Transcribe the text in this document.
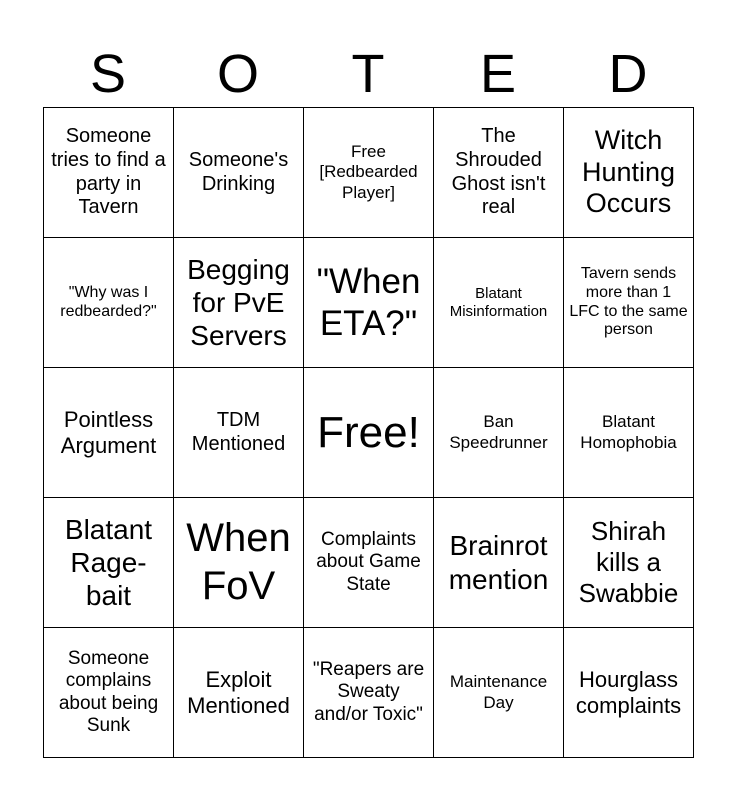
S	O	T	E	D
Someone tries to find a party in Tavern	Someone's Drinking	Free [Redbearded Player]	The Shrouded Ghost isn't real	Witch Hunting Occurs
"Why was I redbearded?"	Begging for PvE Servers	"When ETA?"	Blatant Misinformation	Tavern sends more than 1 LFC to the same person
Pointless Argument	TDM Mentioned	Free!	Ban Speedrunner	Blatant Homophobia
Blatant Rage-bait	When FoV	Complaints about Game State	Brainrot mention	Shirah kills a Swabbie
Someone complains about being Sunk	Exploit Mentioned	"Reapers are Sweaty and/or Toxic"	Maintenance Day	Hourglass complaints
